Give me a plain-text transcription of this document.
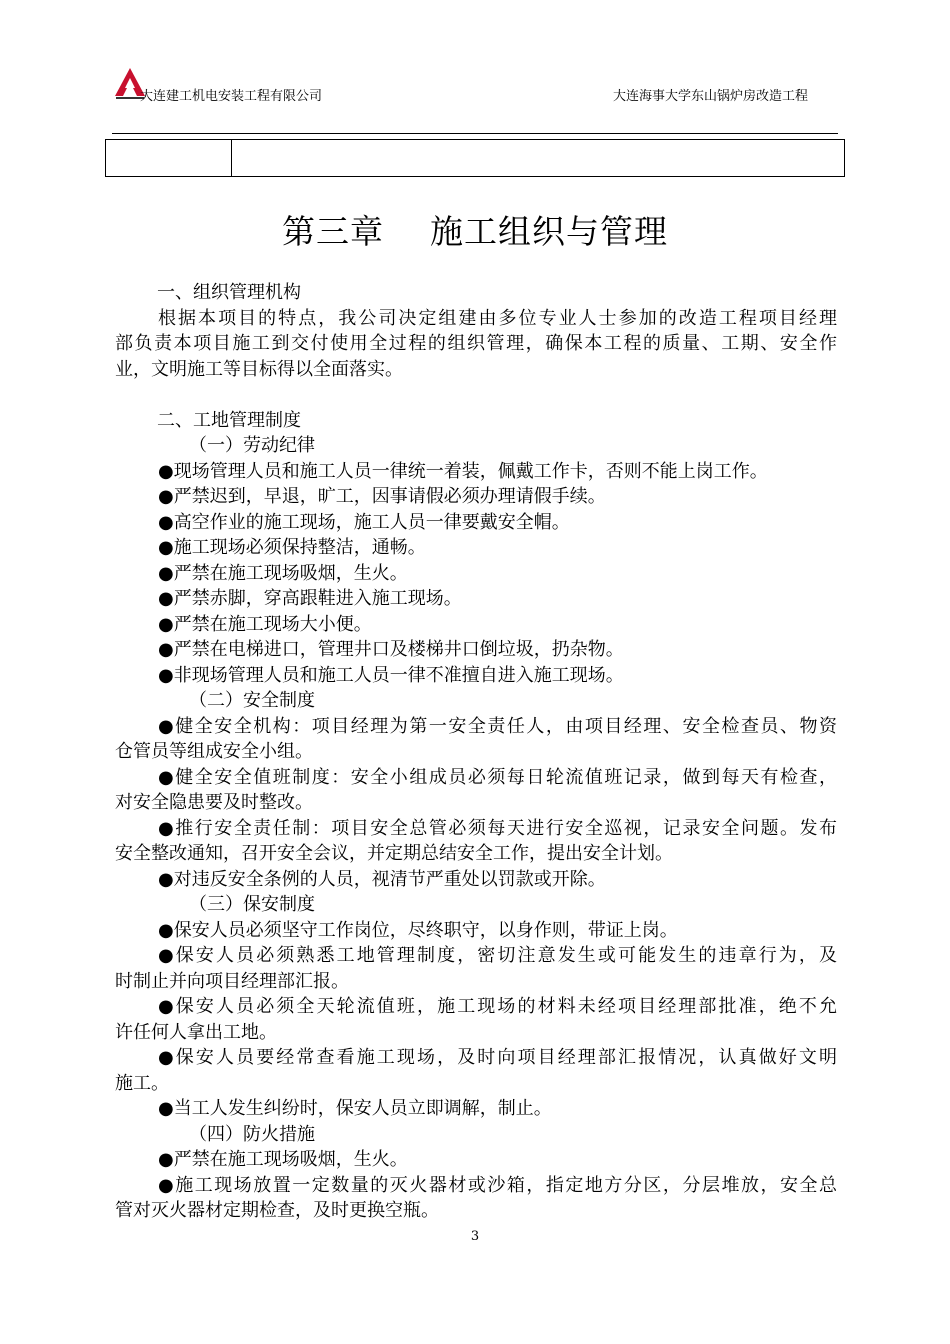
大连建工机电安装工程有限公司	大连海事大学东山锅炉房改造工程
第三章 施工组织与管理
一、组织管理机构
根据本项目的特点，我公司决定组建由多位专业人士参加的改造工程项目经理
部负责本项目施工到交付使用全过程的组织管理，确保本工程的质量、工期、安全作
业，文明施工等目标得以全面落实。
二、工地管理制度
（一）劳动纪律
●现场管理人员和施工人员一律统一着装，佩戴工作卡，否则不能上岗工作。
●严禁迟到，早退，旷工，因事请假必须办理请假手续。
●高空作业的施工现场，施工人员一律要戴安全帽。
●施工现场必须保持整洁，通畅。
●严禁在施工现场吸烟，生火。
●严禁赤脚，穿高跟鞋进入施工现场。
●严禁在施工现场大小便。
●严禁在电梯进口，管理井口及楼梯井口倒垃圾，扔杂物。
●非现场管理人员和施工人员一律不准擅自进入施工现场。
（二）安全制度
●健全安全机构：项目经理为第一安全责任人，由项目经理、安全检查员、物资
仓管员等组成安全小组。
●健全安全值班制度：安全小组成员必须每日轮流值班记录，做到每天有检查，
对安全隐患要及时整改。
●推行安全责任制：项目安全总管必须每天进行安全巡视，记录安全问题。发布
安全整改通知，召开安全会议，并定期总结安全工作，提出安全计划。
●对违反安全条例的人员，视清节严重处以罚款或开除。
（三）保安制度
●保安人员必须坚守工作岗位，尽终职守，以身作则，带证上岗。
●保安人员必须熟悉工地管理制度，密切注意发生或可能发生的违章行为，及
时制止并向项目经理部汇报。
●保安人员必须全天轮流值班，施工现场的材料未经项目经理部批准，绝不允
许任何人拿出工地。
●保安人员要经常查看施工现场，及时向项目经理部汇报情况，认真做好文明
施工。
●当工人发生纠纷时，保安人员立即调解，制止。
（四）防火措施
●严禁在施工现场吸烟，生火。
●施工现场放置一定数量的灭火器材或沙箱，指定地方分区，分层堆放，安全总
管对灭火器材定期检查，及时更换空瓶。
3
